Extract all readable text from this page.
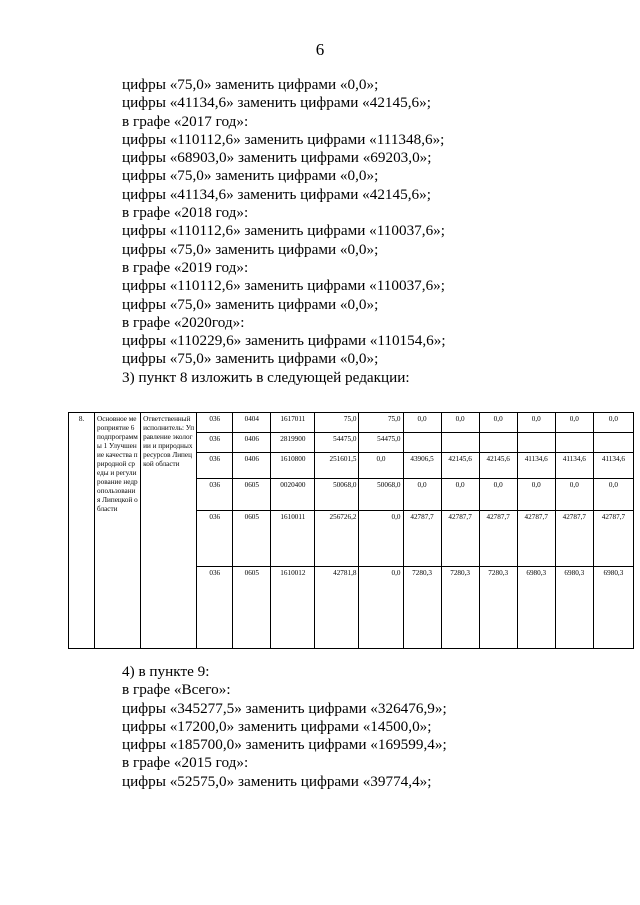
6
цифры «75,0» заменить цифрами «0,0»;
цифры «41134,6» заменить цифрами «42145,6»;
в графе «2017 год»:
цифры «110112,6» заменить цифрами «111348,6»;
цифры «68903,0» заменить цифрами «69203,0»;
цифры «75,0» заменить цифрами «0,0»;
цифры «41134,6» заменить цифрами «42145,6»;
в графе «2018 год»:
цифры «110112,6» заменить цифрами «110037,6»;
цифры «75,0» заменить цифрами «0,0»;
в графе «2019 год»:
цифры «110112,6» заменить цифрами «110037,6»;
цифры «75,0» заменить цифрами «0,0»;
в графе «2020год»:
цифры «110229,6» заменить цифрами «110154,6»;
цифры «75,0» заменить цифрами «0,0»;
3) пункт 8 изложить в следующей редакции:
8.	Основное мероприятие 6 подпрограммы 1 Улучшение качества природной среды и регулирование недропользования Липецкой области	Ответственный исполнитель: Управление экологии и природных ресурсов Липецкой области	036	0404	1617011	75,0	75,0	0,0	0,0	0,0	0,0	0,0	0,0
			036	0406	2819900	54475,0	54475,0						
			036	0406	1610800	251601,5	0,0	43906,5	42145,6	42145,6	41134,6	41134,6	41134,6
			036	0605	0020400	50068,0	50068,0	0,0	0,0	0,0	0,0	0,0	0,0
			036	0605	1610011	256726,2	0,0	42787,7	42787,7	42787,7	42787,7	42787,7	42787,7
			036	0605	1610012	42781,8	0,0	7280,3	7280,3	7280,3	6980,3	6980,3	6980,3
4) в пункте 9:
в графе «Всего»:
цифры «345277,5» заменить цифрами «326476,9»;
цифры «17200,0» заменить цифрами «14500,0»;
цифры «185700,0» заменить цифрами «169599,4»;
в графе «2015 год»:
цифры «52575,0» заменить цифрами «39774,4»;
